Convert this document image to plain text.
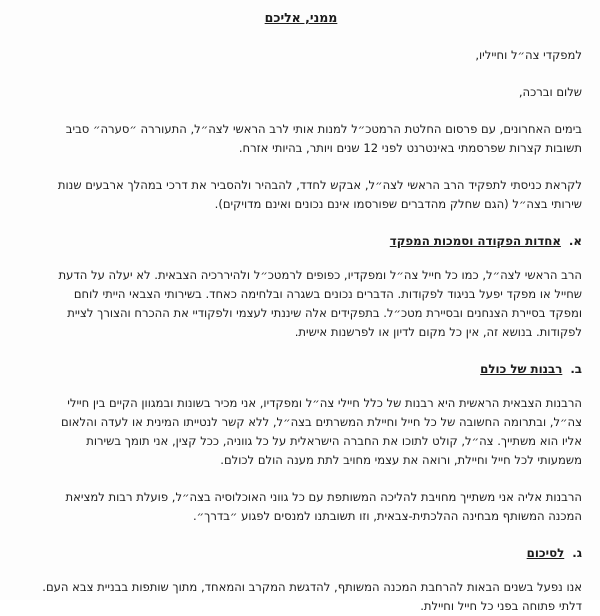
ממני, אליכם
למפקדי צה״ל וחייליו,
שלום וברכה,
בימים האחרונים, עם פרסום החלטת הרמטכ״ל למנות אותי לרב הראשי לצה״ל, התעוררה ״סערה״ סביב
תשובות קצרות שפרסמתי באינטרנט לפני 12 שנים ויותר, בהיותי אזרח.
לקראת כניסתי לתפקיד הרב הראשי לצה״ל, אבקש לחדד, להבהיר ולהסביר את דרכי במהלך ארבעים שנות
שירותי בצה״ל (הגם שחלק מהדברים שפורסמו אינם נכונים ואינם מדויקים).
א.
אחדות הפקודה וסמכות המפקד
הרב הראשי לצה״ל, כמו כל חייל צה״ל ומפקדיו, כפופים לרמטכ״ל ולהיררכיה הצבאית. לא יעלה על הדעת
שחייל או מפקד יפעל בניגוד לפקודות. הדברים נכונים בשגרה ובלחימה כאחד. בשירותי הצבאי הייתי לוחם
ומפקד בסיירת הצנחנים ובסיירת מטכ״ל. בתפקידים אלה שיננתי לעצמי ולפקודיי את ההכרח והצורך לציית
לפקודות. בנושא זה, אין כל מקום לדיון או לפרשנות אישית.
ב.
רבנות של כולם
הרבנות הצבאית הראשית היא רבנות של כלל חיילי צה״ל ומפקדיו, אני מכיר בשונות ובמגוון הקיים בין חיילי
צה״ל, ובתרומה החשובה של כל חייל וחיילת המשרתים בצה״ל, ללא קשר לנטייתו המינית או לעדה והלאום
אליו הוא משתייך. צה״ל, קולט לתוכו את החברה הישראלית על כל גווניה, ככל קצין, אני תומך בשירות
משמעותי לכל חייל וחיילת, ורואה את עצמי מחויב לתת מענה הולם לכולם.
הרבנות אליה אני משתייך מחויבת להליכה המשותפת עם כל גווני האוכלוסיה בצה״ל, פועלת רבות למציאת
המכנה המשותף מבחינה ההלכתית-צבאית, וזו תשובתנו למנסים לפגוע ״בדרך״.
ג.
לסיכום
אנו נפעל בשנים הבאות להרחבת המכנה המשותף, להדגשת המקרב והמאחד, מתוך שותפות בבניית צבא העם.
דלתי פתוחה בפני כל חייל וחיילת.
